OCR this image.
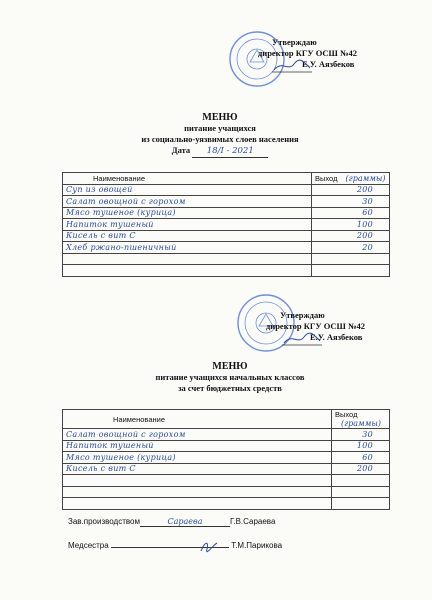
Утверждаю
директор КГУ ОСШ №42
Е.У. Аязбеков
МЕНЮ
питание учащихся
из социально-уязвимых слоев населения
Дата 18/I - 2021
Наименование	Выход (граммы)
Суп из овощей	200
Салат овощной с горохом	30
Мясо тушеное (курица)	60
Напиток тушеный	100
Кисель с вит С	200
Хлеб ржано-пшеничный	20

Утверждаю
директор КГУ ОСШ №42
Е.У. Аязбеков
МЕНЮ
питание учащихся начальных классов
за счет бюджетных средств
Наименование	Выход (граммы)
Салат овощной с горохом	30
Напиток тушеный	100
Мясо тушеное (курица)	60
Кисель с вит С	200

Зав.производством	Сараева	Г.В.Сараева
Медсестра	Т.М.Парикова
